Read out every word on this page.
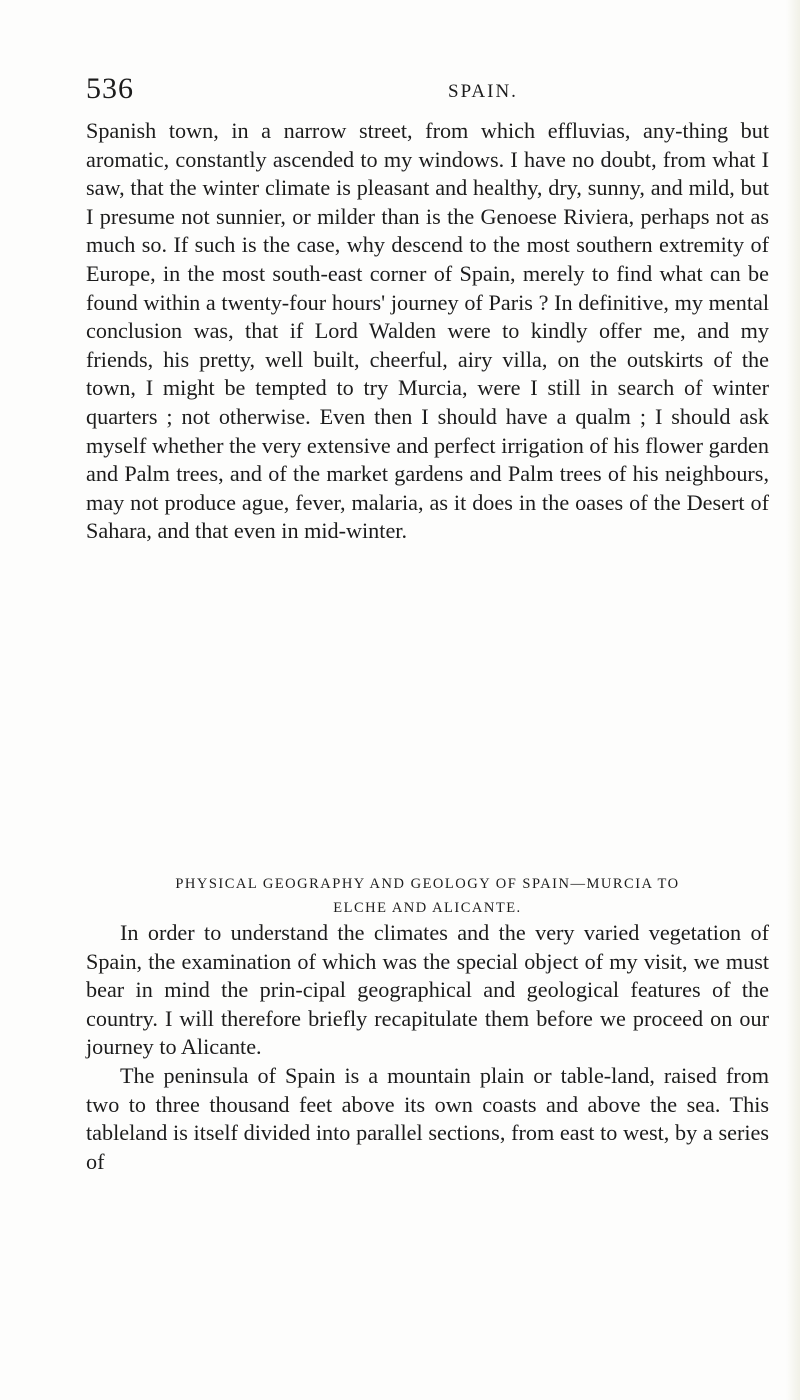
536	SPAIN.

Spanish town, in a narrow street, from which effluvias, any-thing but aromatic, constantly ascended to my windows. I have no doubt, from what I saw, that the winter climate is pleasant and healthy, dry, sunny, and mild, but I presume not sunnier, or milder than is the Genoese Riviera, perhaps not as much so. If such is the case, why descend to the most southern extremity of Europe, in the most south-east corner of Spain, merely to find what can be found within a twenty-four hours' journey of Paris ? In definitive, my mental conclusion was, that if Lord Walden were to kindly offer me, and my friends, his pretty, well built, cheerful, airy villa, on the outskirts of the town, I might be tempted to try Murcia, were I still in search of winter quarters ; not otherwise. Even then I should have a qualm ; I should ask myself whether the very extensive and perfect irrigation of his flower garden and Palm trees, and of the market gardens and Palm trees of his neighbours, may not produce ague, fever, malaria, as it does in the oases of the Desert of Sahara, and that even in mid-winter.

PHYSICAL GEOGRAPHY AND GEOLOGY OF SPAIN—MURCIA TO
ELCHE AND ALICANTE.

In order to understand the climates and the very varied vegetation of Spain, the examination of which was the special object of my visit, we must bear in mind the prin-cipal geographical and geological features of the country. I will therefore briefly recapitulate them before we proceed on our journey to Alicante.

The peninsula of Spain is a mountain plain or table-land, raised from two to three thousand feet above its own coasts and above the sea. This tableland is itself divided into parallel sections, from east to west, by a series of
